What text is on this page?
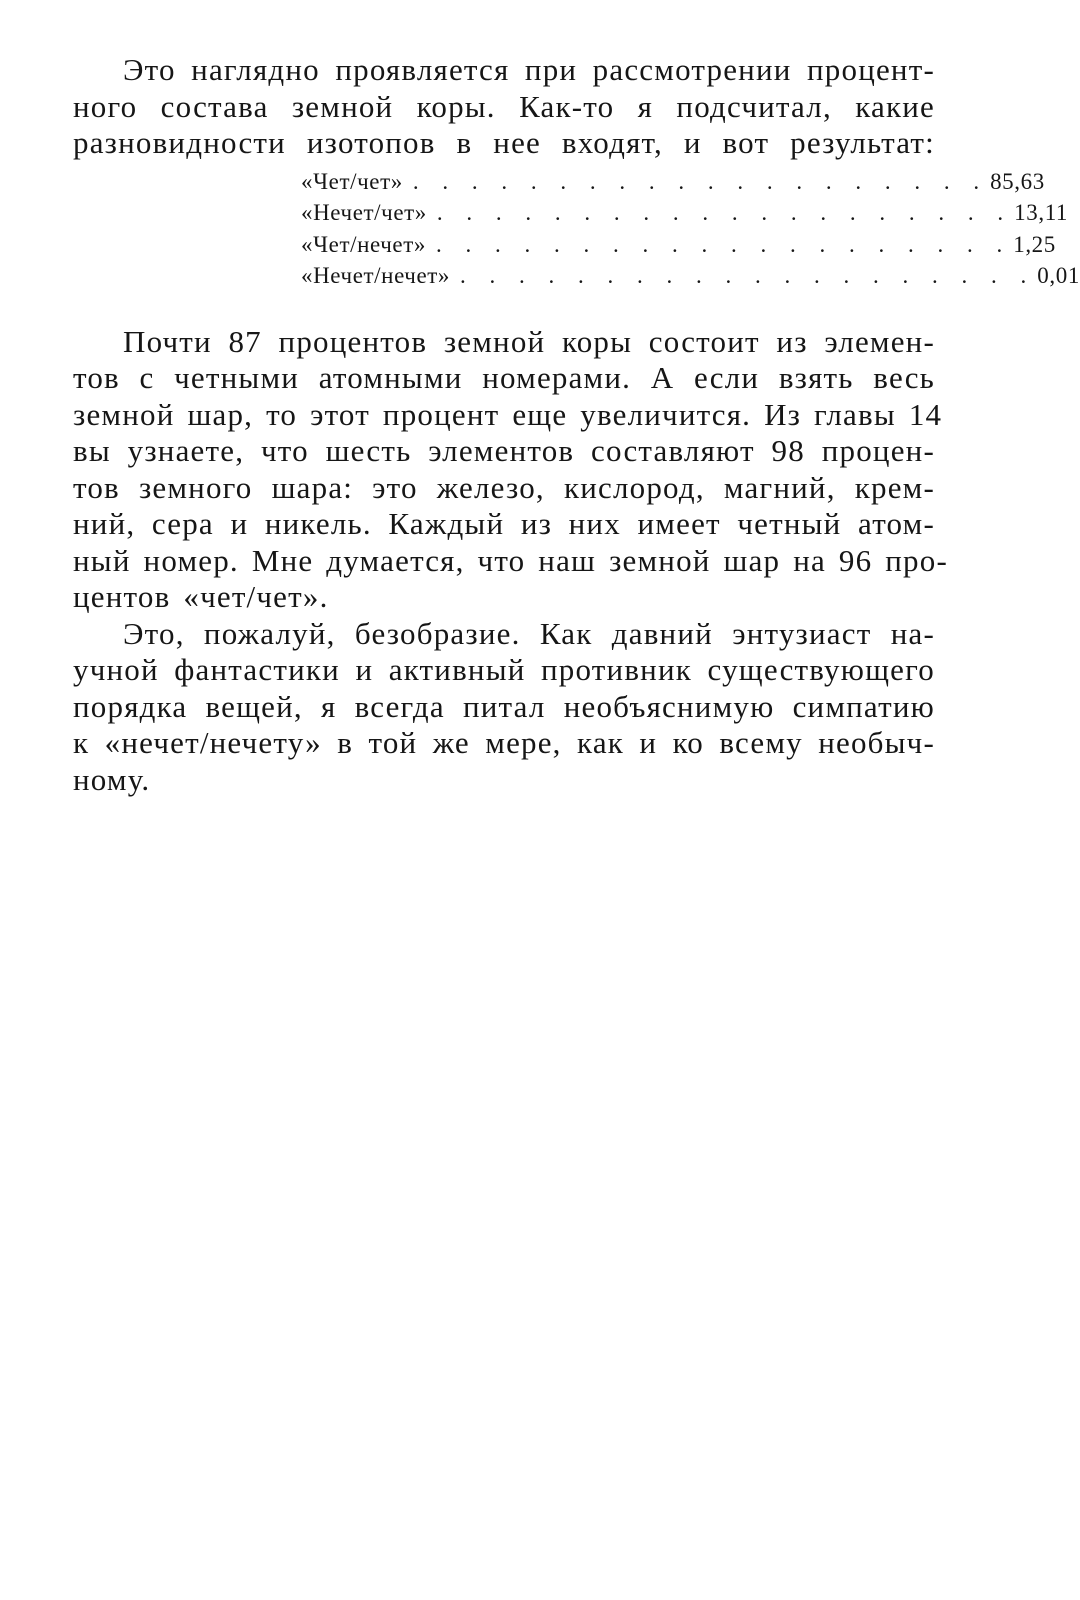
Это наглядно проявляется при рассмотрении процент-
ного состава земной коры. Как-то я подсчитал, какие
разновидности изотопов в нее входят, и вот результат:

«Чет/чет» . . . . . . . . . . . . . . . . . . . . 85,63
«Нечет/чет» . . . . . . . . . . . . . . . . . . . . 13,11
«Чет/нечет» . . . . . . . . . . . . . . . . . . . . 1,25
«Нечет/нечет» . . . . . . . . . . . . . . . . . . . . 0,01

Почти 87 процентов земной коры состоит из элемен-
тов с четными атомными номерами. А если взять весь
земной шар, то этот процент еще увеличится. Из главы 14
вы узнаете, что шесть элементов составляют 98 процен-
тов земного шара: это железо, кислород, магний, крем-
ний, сера и никель. Каждый из них имеет четный атом-
ный номер. Мне думается, что наш земной шар на 96 про-
центов «чет/чет».

Это, пожалуй, безобразие. Как давний энтузиаст на-
учной фантастики и активный противник существующего
порядка вещей, я всегда питал необъяснимую симпатию
к «нечет/нечету» в той же мере, как и ко всему необыч-
ному.
